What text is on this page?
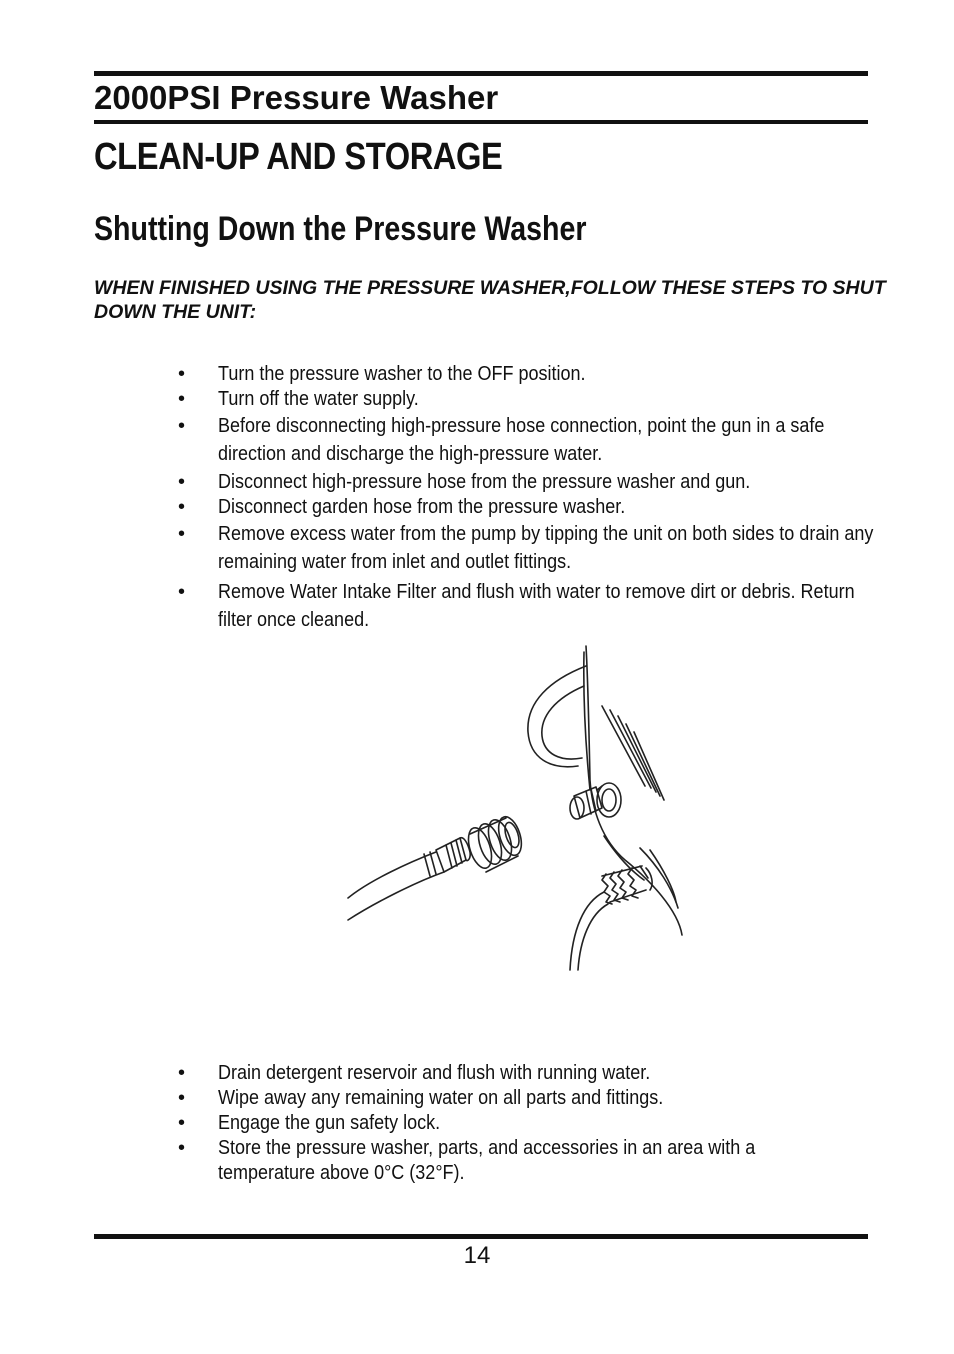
2000PSI Pressure Washer
CLEAN-UP AND STORAGE
Shutting Down the Pressure Washer

WHEN FINISHED USING THE PRESSURE WASHER,FOLLOW THESE STEPS TO SHUT DOWN THE UNIT:

• Turn the pressure washer to the OFF position.
• Turn off the water supply.
• Before disconnecting high-pressure hose connection, point the gun in a safe direction and discharge the high-pressure water.
• Disconnect high-pressure hose from the pressure washer and gun.
• Disconnect garden hose from the pressure washer.
• Remove excess water from the pump by tipping the unit on both sides to drain any remaining water from inlet and outlet fittings.
• Remove Water Intake Filter and flush with water to remove dirt or debris. Return filter once cleaned.
• Drain detergent reservoir and flush with running water.
• Wipe away any remaining water on all parts and fittings.
• Engage the gun safety lock.
• Store the pressure washer, parts, and accessories in an area with a temperature above 0°C (32°F).

14
